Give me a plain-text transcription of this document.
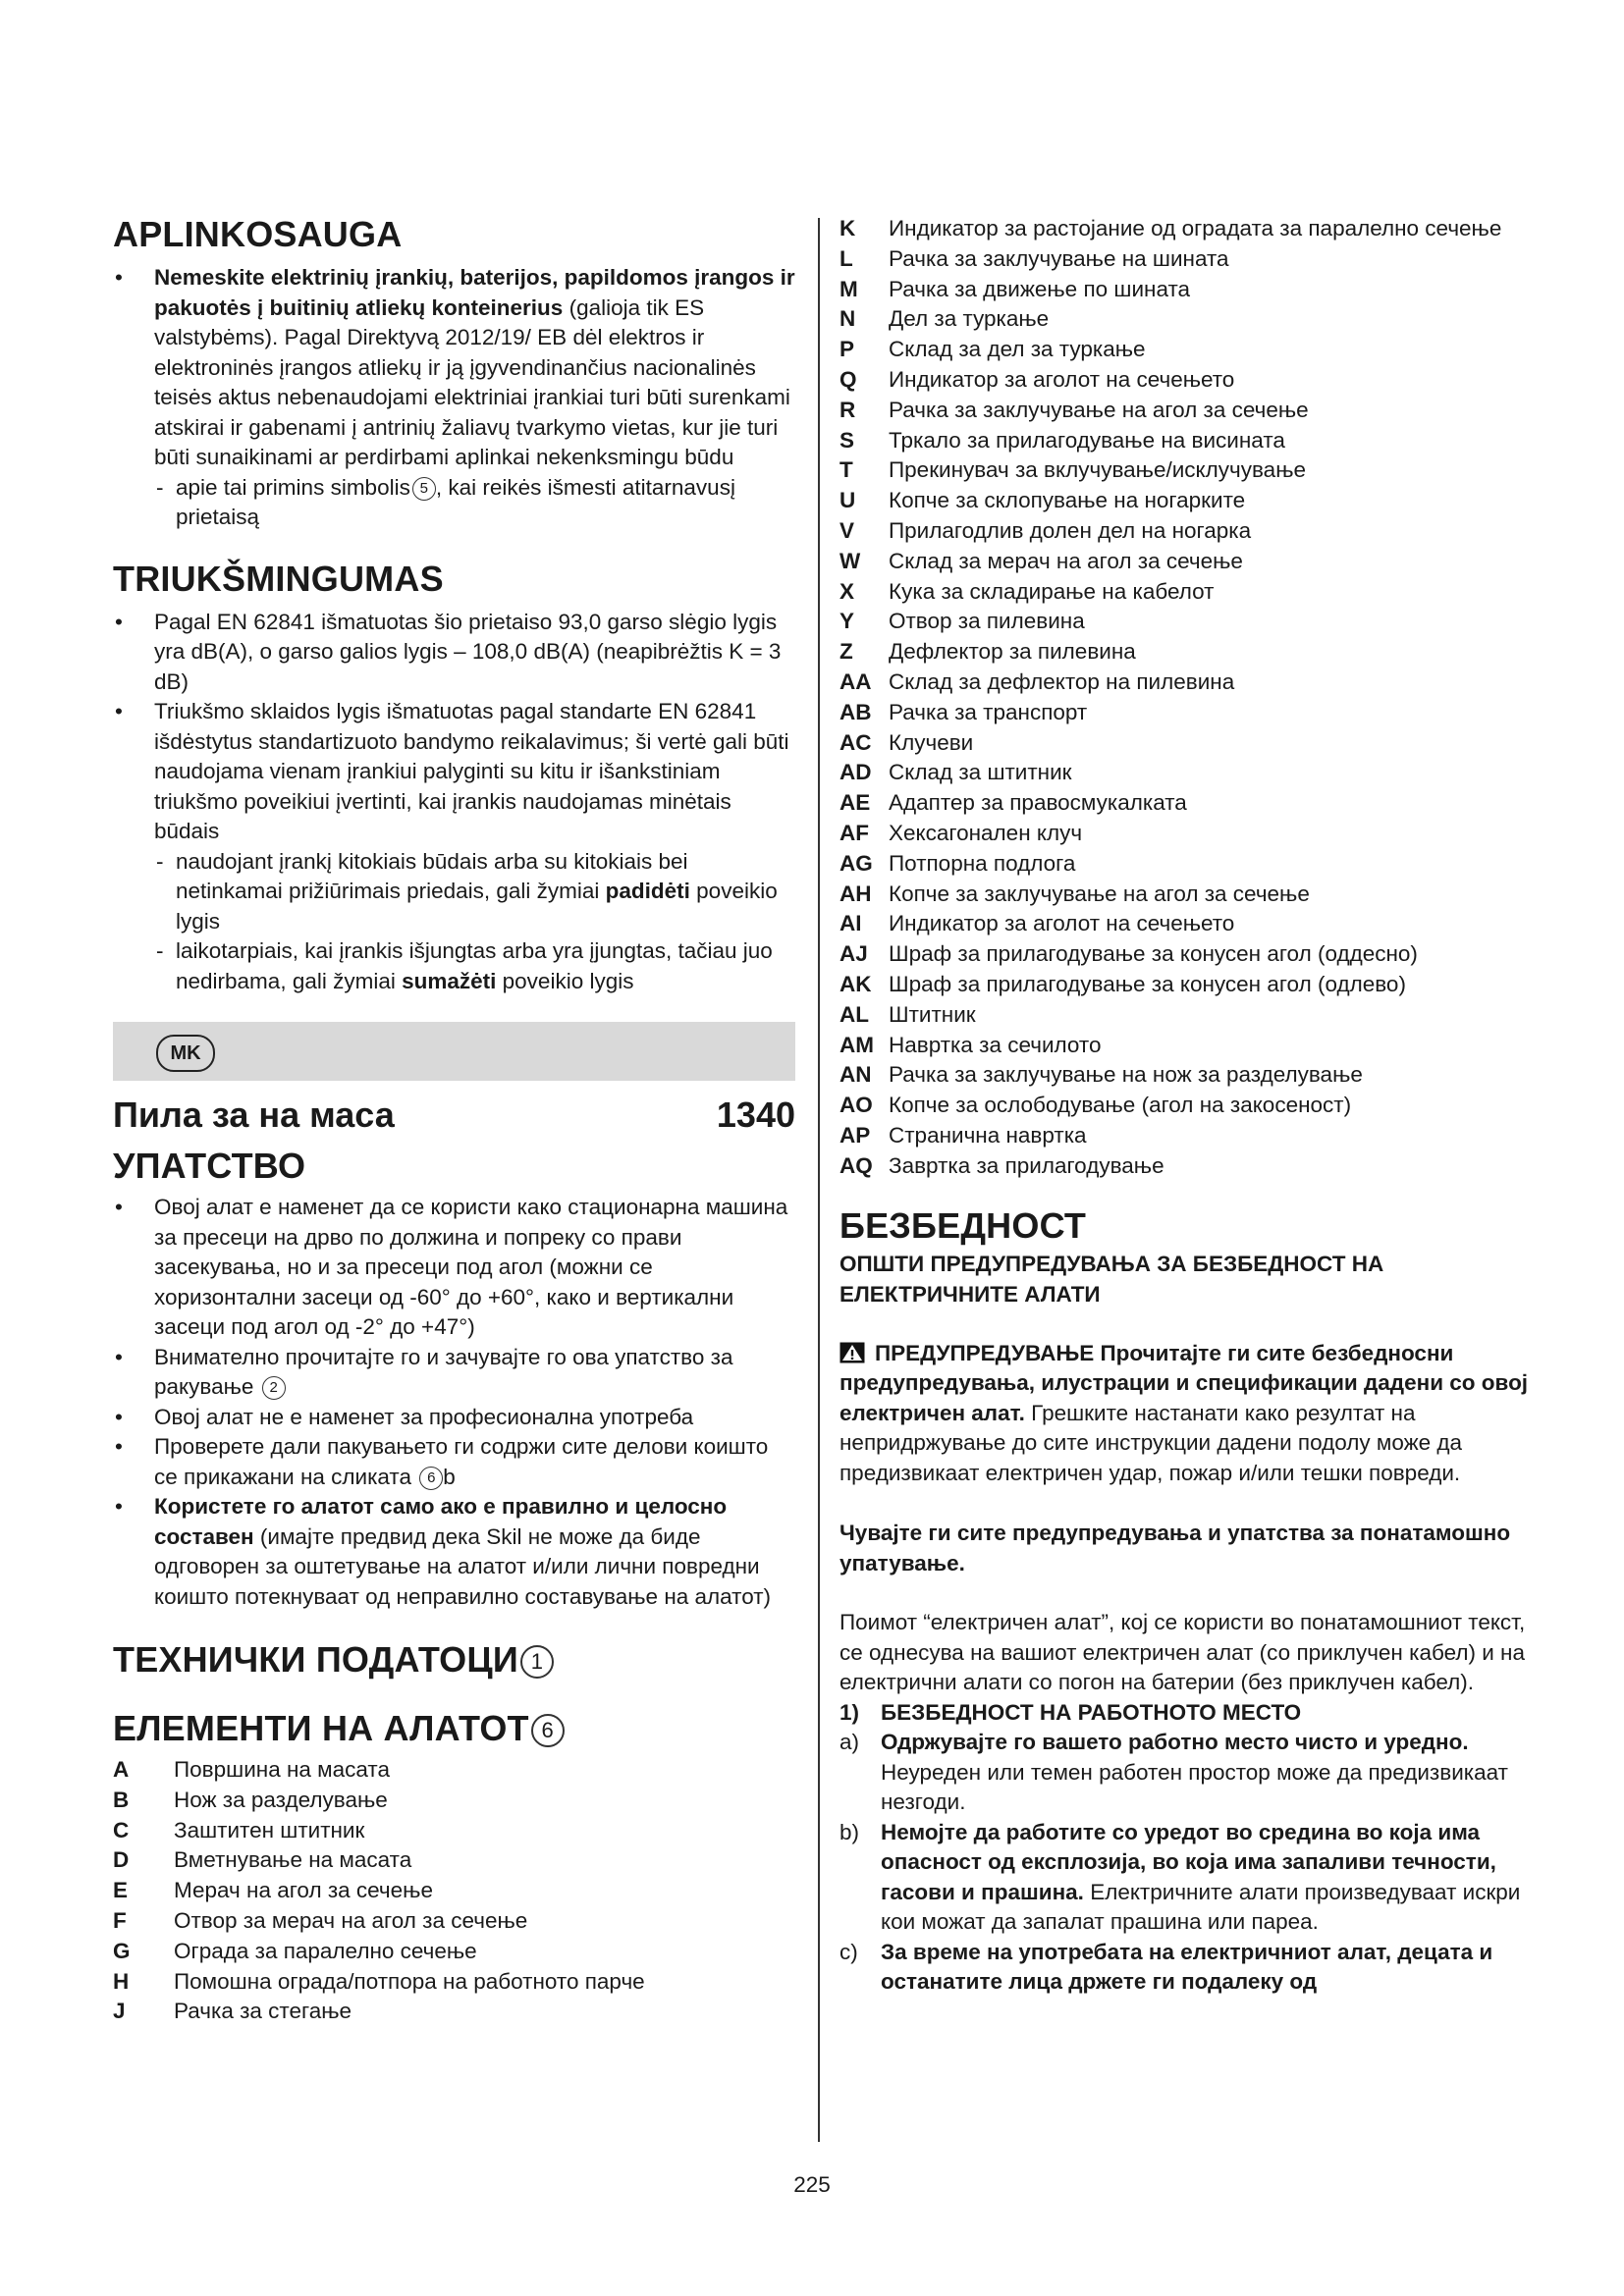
APLINKOSAUGA
• Nemeskite elektrinių įrankių, baterijos, papildomos įrangos ir pakuotės į buitinių atliekų konteinerius (galioja tik ES valstybėms). Pagal Direktyvą 2012/19/ EB dėl elektros ir elektroninės įrangos atliekų ir ją įgyvendinančius nacionalinės teisės aktus nebenaudojami elektriniai įrankiai turi būti surenkami atskirai ir gabenami į antrinių žaliavų tvarkymo vietas, kur jie turi būti sunaikinami ar perdirbami aplinkai nekenksmingu būdu
- apie tai primins simbolis 5 , kai reikės išmesti atitarnavusį prietaisą
TRIUKŠMINGUMAS
• Pagal EN 62841 išmatuotas šio prietaiso 93,0 garso slėgio lygis yra dB(A), o garso galios lygis – 108,0 dB(A) (neapibrėžtis K = 3 dB)
• Triukšmo sklaidos lygis išmatuotas pagal standarte EN 62841 išdėstytus standartizuoto bandymo reikalavimus; ši vertė gali būti naudojama vienam įrankiui palyginti su kitu ir išankstiniam triukšmo poveikiui įvertinti, kai įrankis naudojamas minėtais būdais
- naudojant įrankį kitokiais būdais arba su kitokiais bei netinkamai prižiūrimais priedais, gali žymiai padidėti poveikio lygis
- laikotarpiais, kai įrankis išjungtas arba yra įjungtas, tačiau juo nedirbama, gali žymiai sumažėti poveikio lygis
MK
Пила за на маса	1340
УПАТСТВО
• Овој алат е наменет да се користи како стационарна машина за пресеци на дрво по должина и попреку со прави засекувања, но и за пресеци под агол (можни се хоризонтални засеци од -60° до +60°, како и вертикални засеци под агол од -2° до +47°)
• Внимателно прочитајте го и зачувајте го ова упатство за ракување 2
• Овој алат не е наменет за професионална употреба
• Проверете дали пакувањето ги содржи сите делови коишто се прикажани на сликата 6 b
• Користете го алатот само ако е правилно и целосно составен (имајте предвид дека Skil не може да биде одговорен за оштетување на алатот и/или лични повредни коишто потекнуваат од неправилно составување на алатот)
ТЕХНИЧКИ ПОДАТОЦИ 1
ЕЛЕМЕНТИ НА АЛАТОТ 6
A	Површина на масата
B	Нож за разделување
C	Заштитен штитник
D	Вметнување на масата
E	Мерач на агол за сечење
F	Отвор за мерач на агол за сечење
G	Ограда за паралелно сечење
H	Помошна ограда/потпора на работното парче
J	Рачка за стегање
K	Индикатор за растојание од оградата за паралелно сечење
L	Рачка за заклучување на шината
M	Рачка за движење по шината
N	Дел за туркање
P	Склад за дел за туркање
Q	Индикатор за аголот на сечењето
R	Рачка за заклучување на агол за сечење
S	Тркало за прилагодување на висината
T	Прекинувач за вклучување/исклучување
U	Копче за склопување на ногарките
V	Прилагодлив долен дел на ногарка
W	Склад за мерач на агол за сечење
X	Кука за складирање на кабелот
Y	Отвор за пилевина
Z	Дефлектор за пилевина
AA Склад за дефлектор на пилевина
AB Рачка за транспорт
AC Клучеви
AD Склад за штитник
AE Адаптер за правосмукалката
AF Хексагонален клуч
AG Потпорна подлога
AH Копче за заклучување на агол за сечење
AI	Индикатор за аголот на сечењето
AJ Шраф за прилагодување за конусен агол (оддесно)
AK Шраф за прилагодување за конусен агол (одлево)
AL Штитник
AM Навртка за сечилото
AN Рачка за заклучување на нож за разделување
AO Копче за ослободување (агол на закосеност)
AP Странична навртка
AQ Завртка за прилагодување
БЕЗБЕДНОСТ

ОПШТИ ПРЕДУПРЕДУВАЊА ЗА БЕЗБЕДНОСТ НА ЕЛЕКТРИЧНИТЕ АЛАТИ

ПРЕДУПРЕДУВАЊЕ Прочитајте ги сите безбедносни предупредувања, илустрации и спецификации дадени со овој електричен алат. Грешките настанати како резултат на непридржување до сите инструкции дадени подолу може да предизвикаат електричен удар, пожар и/или тешки повреди.

Чувајте ги сите предупредувања и упатства за понатамошно упатување.

Поимот “електричен алат”, кој се користи во понатамошниот текст, се однесува на вашиот електричен алат (со приклучен кабел) и на електрични алати со погон на батерии (без приклучен кабел).

1) БЕЗБЕДНОСТ НА РАБОТНОТО МЕСТО
a) Одржувајте го вашето работно место чисто и уредно. Неуреден или темен работен простор може да предизвикаат незгоди.
b) Немојте да работите со уредот во средина во која има опасност од експлозија, во која има запаливи течности, гасови и прашина. Електричните алати произведуваат искри кои можат да запалат прашина или пареа.
c) За време на употребата на електричниот алат, децата и останатите лица држете ги подалеку од
225
